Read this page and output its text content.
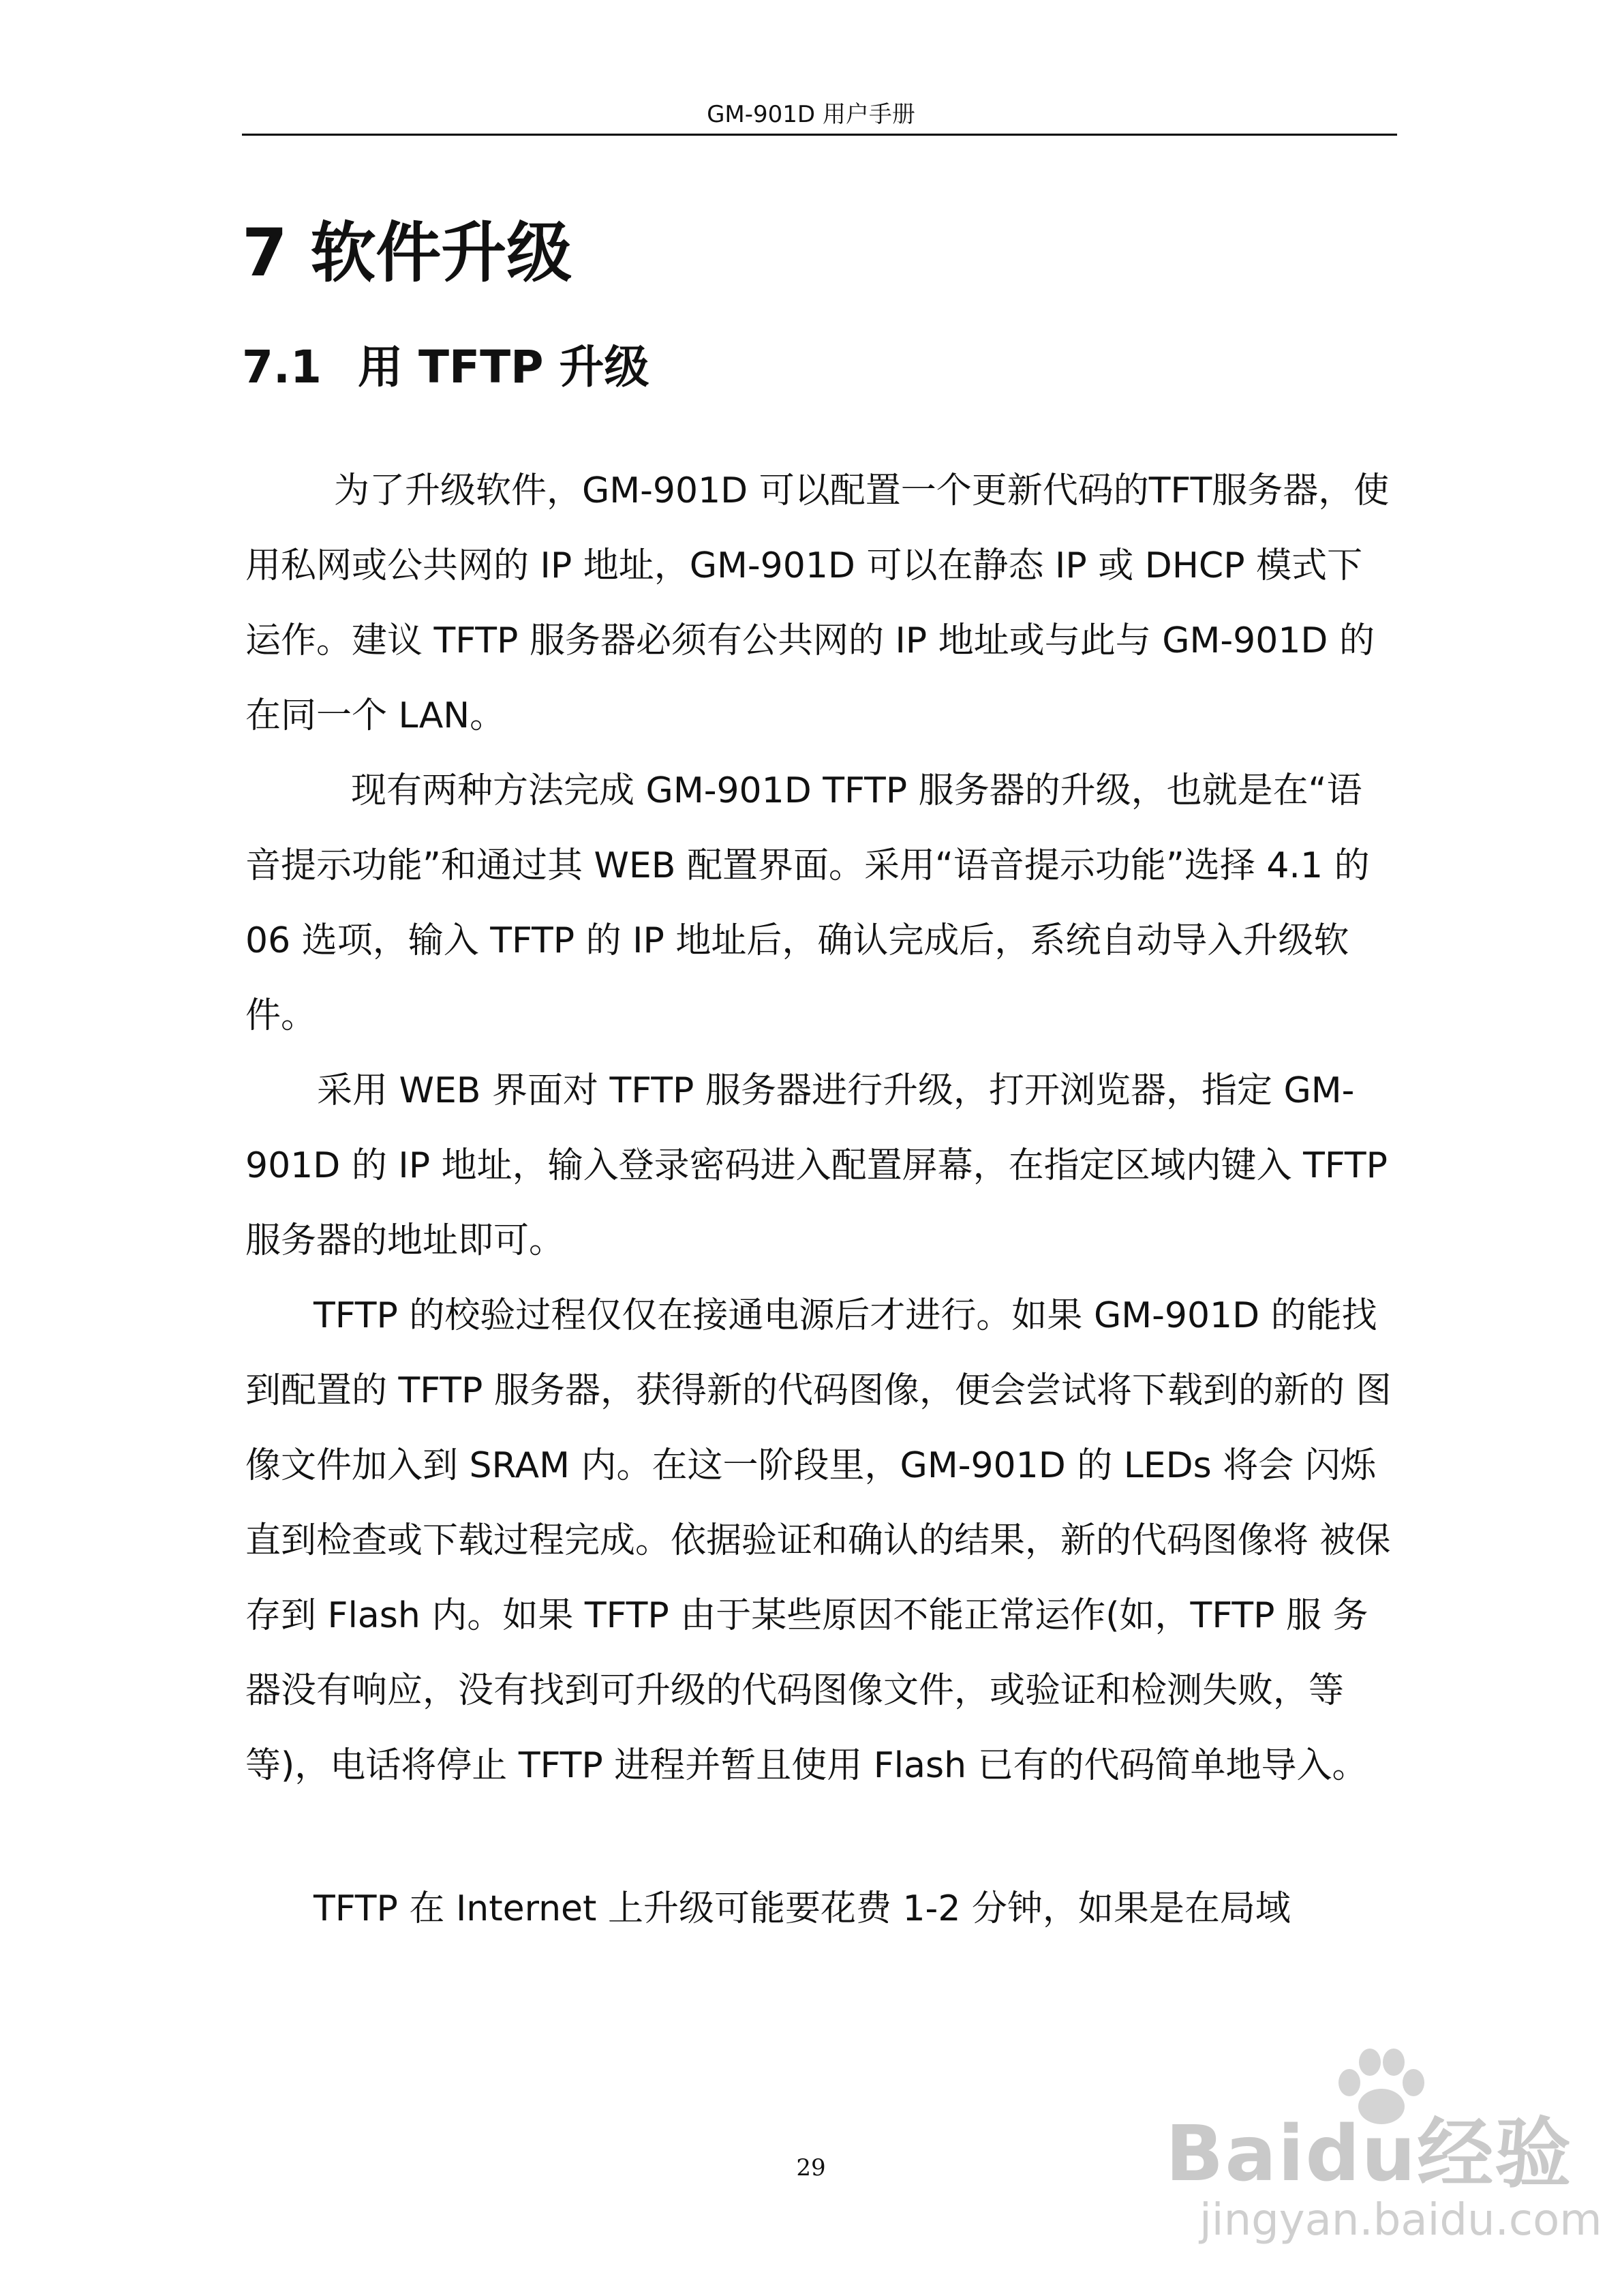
GM-901D 用户手册
7 软件升级
7.1 用 TFTP 升级

为了升级软件，GM-901D 可以配置一个更新代码的TFT服务器，使用私网或公共网的 IP 地址，GM-901D 可以在静态 IP 或 DHCP 模式下运作。建议 TFTP 服务器必须有公共网的 IP 地址或与此与 GM-901D 的在同一个 LAN。

现有两种方法完成 GM-901D TFTP 服务器的升级，也就是在“语 音提示功能”和通过其 WEB 配置界面。采用“语音提示功能”选择 4.1 的 06 选项，输入 TFTP 的 IP 地址后，确认完成后，系统自动导入升级软件。

采用 WEB 界面对 TFTP 服务器进行升级，打开浏览器，指定 GM-901D 的 IP 地址，输入登录密码进入配置屏幕，在指定区域内键入 TFTP 服务器的地址即可。

TFTP 的校验过程仅仅在接通电源后才进行。如果 GM-901D 的能找到配置的 TFTP 服务器，获得新的代码图像，便会尝试将下载到的新的 图像文件加入到 SRAM 内。在这一阶段里，GM-901D 的 LEDs 将会 闪烁直到检查或下载过程完成。依据验证和确认的结果，新的代码图像将 被保存到 Flash 内。如果 TFTP 由于某些原因不能正常运作(如，TFTP 服 务器没有响应，没有找到可升级的代码图像文件，或验证和检测失败，等等)，电话将停止 TFTP 进程并暂且使用 Flash 已有的代码简单地导入。

TFTP 在 Internet 上升级可能要花费 1-2 分钟，如果是在局域

29	Baidu经验
jingyan.baidu.com
